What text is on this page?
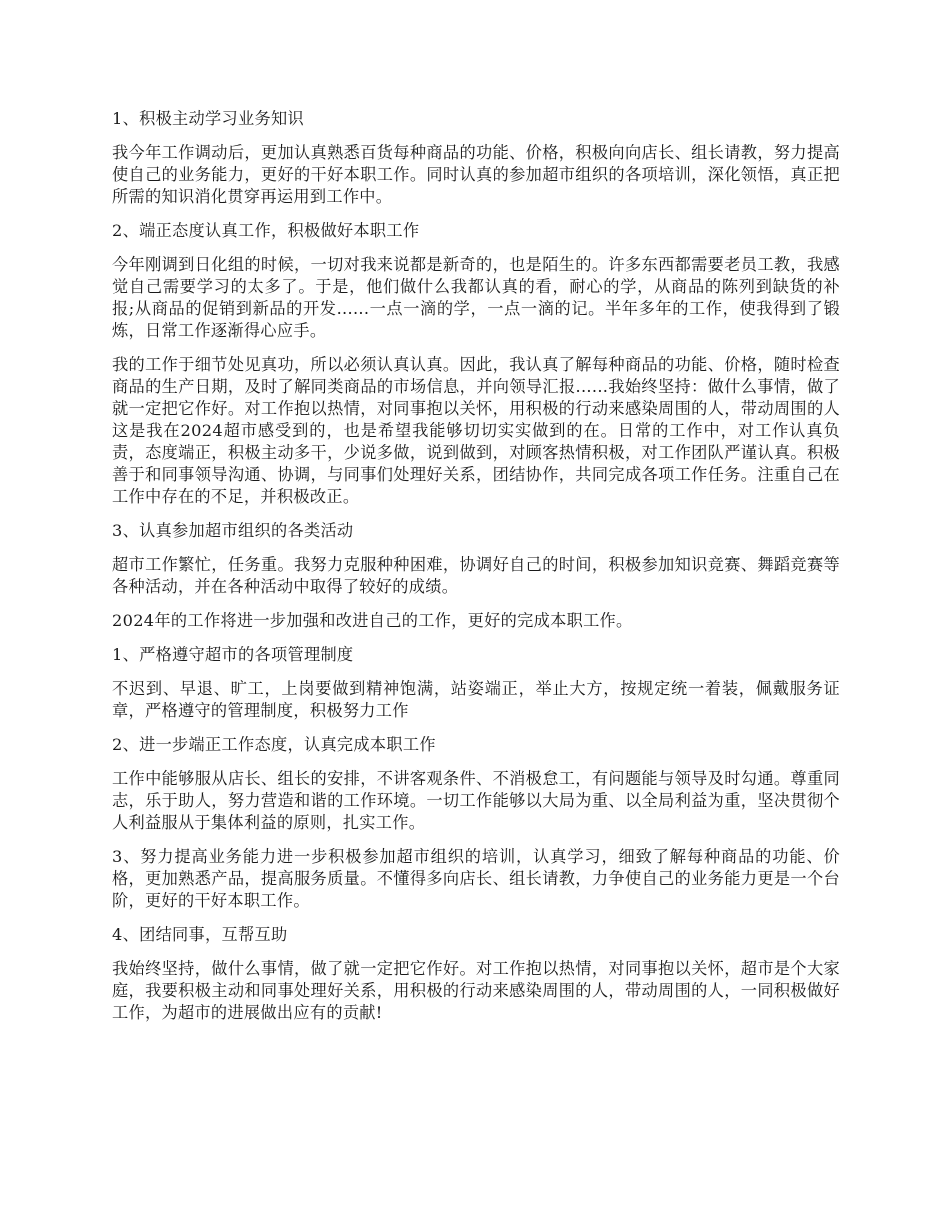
1、积极主动学习业务知识

我今年工作调动后，更加认真熟悉百货每种商品的功能、价格，积极向向店长、组长请教，努力提高使自己的业务能力，更好的干好本职工作。同时认真的参加超市组织的各项培训，深化领悟，真正把所需的知识消化贯穿再运用到工作中。

2、端正态度认真工作，积极做好本职工作

今年刚调到日化组的时候，一切对我来说都是新奇的，也是陌生的。许多东西都需要老员工教，我感觉自己需要学习的太多了。于是，他们做什么我都认真的看，耐心的学，从商品的陈列到缺货的补报;从商品的促销到新品的开发......一点一滴的学，一点一滴的记。半年多年的工作，使我得到了锻炼，日常工作逐渐得心应手。

我的工作于细节处见真功，所以必须认真认真。因此，我认真了解每种商品的功能、价格，随时检查商品的生产日期，及时了解同类商品的市场信息，并向领导汇报......我始终坚持：做什么事情，做了就一定把它作好。对工作抱以热情，对同事抱以关怀，用积极的行动来感染周围的人，带动周围的人这是我在2024超市感受到的，也是希望我能够切切实实做到的在。日常的工作中，对工作认真负责，态度端正，积极主动多干，少说多做，说到做到，对顾客热情积极，对工作团队严谨认真。积极善于和同事领导沟通、协调，与同事们处理好关系，团结协作，共同完成各项工作任务。注重自己在工作中存在的不足，并积极改正。

3、认真参加超市组织的各类活动

超市工作繁忙，任务重。我努力克服种种困难，协调好自己的时间，积极参加知识竞赛、舞蹈竞赛等各种活动，并在各种活动中取得了较好的成绩。

2024年的工作将进一步加强和改进自己的工作，更好的完成本职工作。

1、严格遵守超市的各项管理制度

不迟到、早退、旷工，上岗要做到精神饱满，站姿端正，举止大方，按规定统一着装，佩戴服务证章，严格遵守的管理制度，积极努力工作

2、进一步端正工作态度，认真完成本职工作

工作中能够服从店长、组长的安排，不讲客观条件、不消极怠工，有问题能与领导及时勾通。尊重同志，乐于助人，努力营造和谐的工作环境。一切工作能够以大局为重、以全局利益为重，坚决贯彻个人利益服从于集体利益的原则，扎实工作。

3、努力提高业务能力进一步积极参加超市组织的培训，认真学习，细致了解每种商品的功能、价格，更加熟悉产品，提高服务质量。不懂得多向店长、组长请教，力争使自己的业务能力更是一个台阶，更好的干好本职工作。

4、团结同事，互帮互助

我始终坚持，做什么事情，做了就一定把它作好。对工作抱以热情，对同事抱以关怀，超市是个大家庭，我要积极主动和同事处理好关系，用积极的行动来感染周围的人，带动周围的人，一同积极做好工作，为超市的进展做出应有的贡献!
